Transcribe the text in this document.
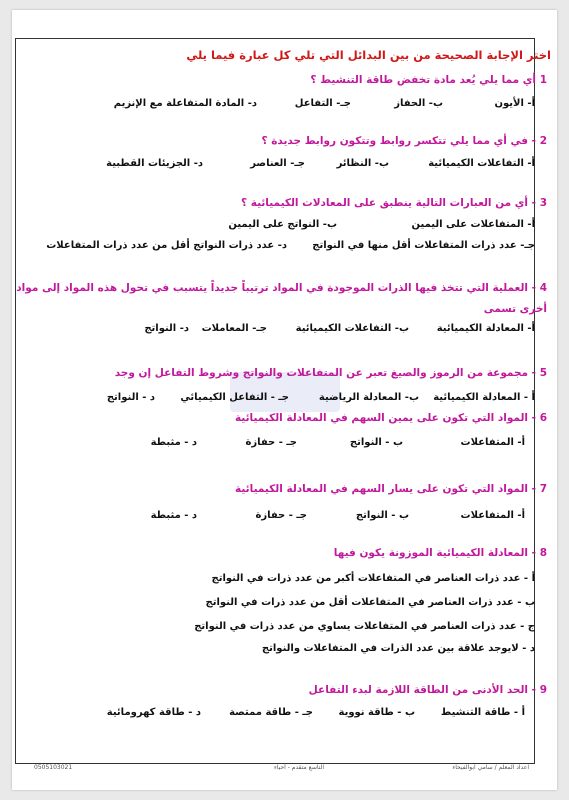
اختر الإجابة الصحيحة من بين البدائل التي تلي كل عبارة فيما يلي
1 أي مما يلي يُعد مادة تخفض طاقة التنشيط ؟
أ- الأيون
ب- الحفاز
جـ- التفاعل
د- المادة المتفاعلة مع الإنزيم
2 - في أي مما يلي تتكسر روابط وتتكون روابط جديدة ؟
أ- التفاعلات الكيميائية
ب- النظائر
جـ- العناصر
د- الجزيئات القطبية
3 - أي من العبارات التالية ينطبق على المعادلات الكيميائية ؟
أ- المتفاعلات على اليمين
ب- النواتج على اليمين
جـ- عدد ذرات المتفاعلات أقل منها في النواتج
د- عدد ذرات النواتج أقل من عدد ذرات المتفاعلات
4 - العملية التي تتخذ فيها الذرات الموجودة في المواد ترتيباً جديداً يتسبب في تحول هذه المواد إلى مواد
أخرى تسمى
أ- المعادلة الكيميائية
ب- التفاعلات الكيميائية
جـ- المعاملات
د- النواتج
5 - مجموعة من الرموز والصيغ تعبر عن المتفاعلات والنواتج وشروط التفاعل إن وجد
أ - المعادلة الكيميائية
ب- المعادلة الرياضية
جـ - التفاعل الكيميائي
د - النواتج
6 - المواد التي تكون على يمين السهم في المعادلة الكيميائية
أ- المتفاعلات
ب - النواتج
جـ - حفازة
د - مثبطة
7 - المواد التي تكون على يسار السهم في المعادلة الكيميائية
أ- المتفاعلات
ب - النواتج
جـ - حفازة
د - مثبطة
8 - المعادلة الكيميائية الموزونة يكون فيها
أ - عدد ذرات العناصر في المتفاعلات أكبر من عدد ذرات في النواتج
ب - عدد ذرات العناصر في المتفاعلات أقل من عدد ذرات في النواتج
ج - عدد ذرات العناصر في المتفاعلات يساوي من عدد ذرات في النواتج
د - لايوجد علاقة بين عدد الذرات في المتفاعلات والنواتج
9 - الحد الأدنى من الطاقة اللازمة لبدء التفاعل
أ - طاقة التنشيط
ب - طاقة نووية
جـ - طاقة ممتصة
د - طاقة كهرومائية
اعداد المعلم / سامي ابوالفيحاء
التاسع متقدم - أحياء
0505103021
